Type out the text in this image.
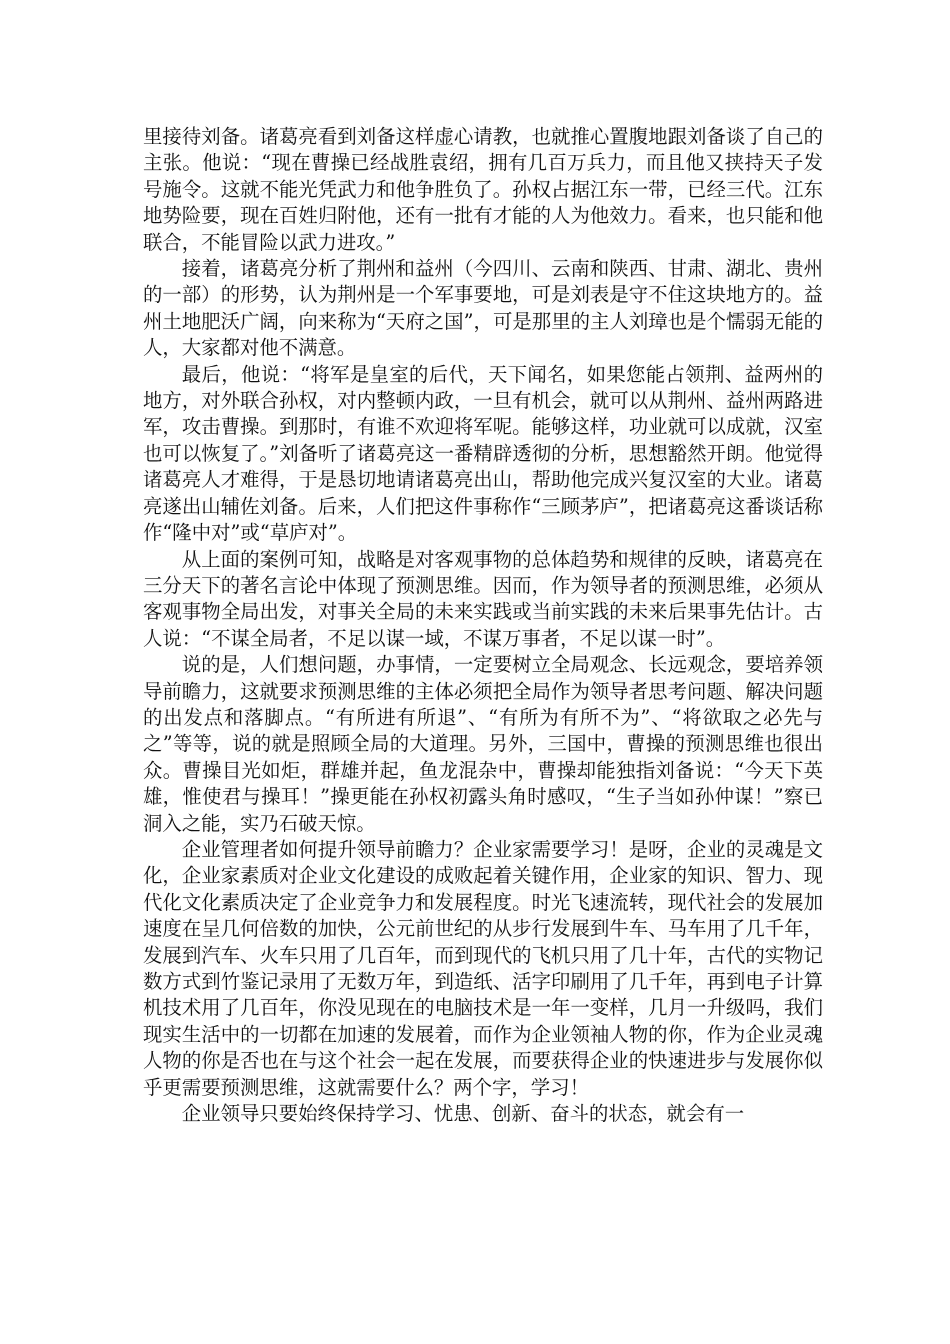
里接待刘备。诸葛亮看到刘备这样虚心请教，也就推心置腹地跟刘备谈了自己的主张。他说：“现在曹操已经战胜袁绍，拥有几百万兵力，而且他又挟持天子发号施令。这就不能光凭武力和他争胜负了。孙权占据江东一带，已经三代。江东地势险要，现在百姓归附他，还有一批有才能的人为他效力。看来，也只能和他联合，不能冒险以武力进攻。”

接着，诸葛亮分析了荆州和益州（今四川、云南和陕西、甘肃、湖北、贵州的一部）的形势，认为荆州是一个军事要地，可是刘表是守不住这块地方的。益州土地肥沃广阔，向来称为“天府之国”，可是那里的主人刘璋也是个懦弱无能的人，大家都对他不满意。

最后，他说：“将军是皇室的后代，天下闻名，如果您能占领荆、益两州的地方，对外联合孙权，对内整顿内政，一旦有机会，就可以从荆州、益州两路进军，攻击曹操。到那时，有谁不欢迎将军呢。能够这样，功业就可以成就，汉室也可以恢复了。”刘备听了诸葛亮这一番精辟透彻的分析，思想豁然开朗。他觉得诸葛亮人才难得，于是恳切地请诸葛亮出山，帮助他完成兴复汉室的大业。诸葛亮遂出山辅佐刘备。后来，人们把这件事称作“三顾茅庐”，把诸葛亮这番谈话称作“隆中对”或“草庐对”。

从上面的案例可知，战略是对客观事物的总体趋势和规律的反映，诸葛亮在三分天下的著名言论中体现了预测思维。因而，作为领导者的预测思维，必须从客观事物全局出发，对事关全局的未来实践或当前实践的未来后果事先估计。古人说：“不谋全局者，不足以谋一域，不谋万事者，不足以谋一时”。

说的是，人们想问题，办事情，一定要树立全局观念、长远观念，要培养领导前瞻力，这就要求预测思维的主体必须把全局作为领导者思考问题、解决问题的出发点和落脚点。“有所进有所退”、“有所为有所不为”、“将欲取之必先与之”等等，说的就是照顾全局的大道理。另外，三国中，曹操的预测思维也很出众。曹操目光如炬，群雄并起，鱼龙混杂中，曹操却能独指刘备说：“今天下英雄，惟使君与操耳！”操更能在孙权初露头角时感叹，“生子当如孙仲谋！”察已洞入之能，实乃石破天惊。

企业管理者如何提升领导前瞻力？企业家需要学习！是呀，企业的灵魂是文化，企业家素质对企业文化建设的成败起着关键作用，企业家的知识、智力、现代化文化素质决定了企业竞争力和发展程度。时光飞速流转，现代社会的发展加速度在呈几何倍数的加快，公元前世纪的从步行发展到牛车、马车用了几千年，发展到汽车、火车只用了几百年，而到现代的飞机只用了几十年，古代的实物记数方式到竹鉴记录用了无数万年，到造纸、活字印刷用了几千年，再到电子计算机技术用了几百年，你没见现在的电脑技术是一年一变样，几月一升级吗，我们现实生活中的一切都在加速的发展着，而作为企业领袖人物的你，作为企业灵魂人物的你是否也在与这个社会一起在发展，而要获得企业的快速进步与发展你似乎更需要预测思维，这就需要什么？两个字，学习！

企业领导只要始终保持学习、忧患、创新、奋斗的状态，就会有一
